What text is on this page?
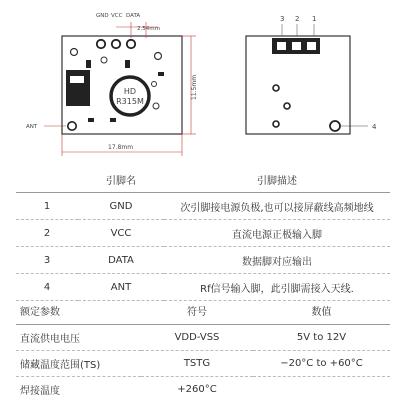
GND VCC DATA
2.54mm
HD
R315M
ANT
11.5mm
17.8mm
3 2 1
4
	引脚名	引脚描述
1	GND	次引脚接电源负极,也可以接屏蔽线高频地线
2	VCC	直流电源正极输入脚
3	DATA	数据脚对应输出
4	ANT	Rf信号输入脚，此引脚需接入天线.
额定参数	符号	数值
直流供电电压	VDD-VSS	5V to 12V
储藏温度范围(TS)	TSTG	−20°C to +60°C
焊接温度	+260°C	
